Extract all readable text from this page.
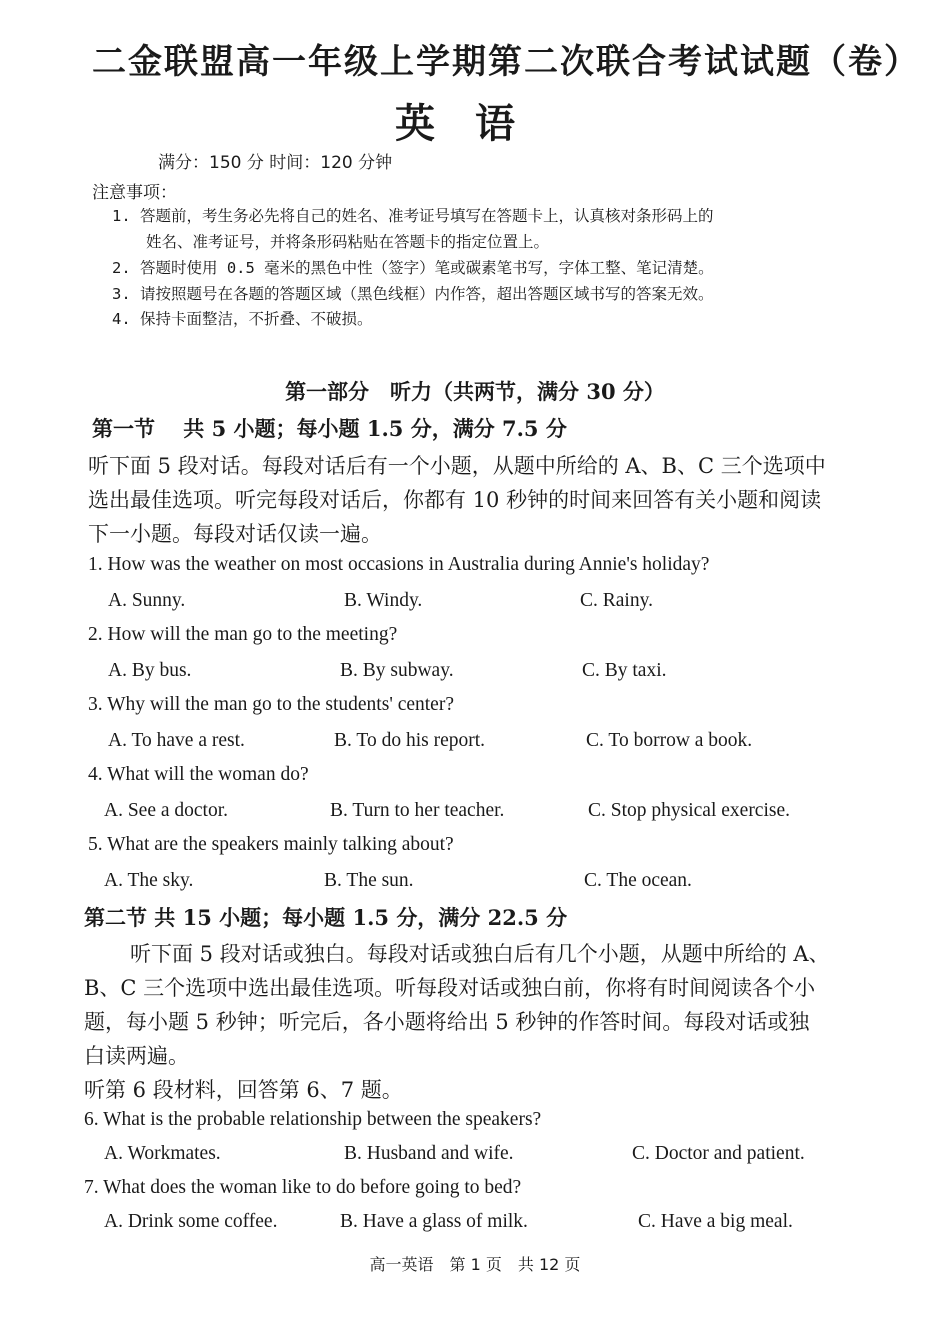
二金联盟高一年级上学期第二次联合考试试题（卷）
英语
满分：150 分 时间：120 分钟
注意事项：
1. 答题前，考生务必先将自己的姓名、准考证号填写在答题卡上，认真核对条形码上的
姓名、准考证号，并将条形码粘贴在答题卡的指定位置上。
2. 答题时使用 0.5 毫米的黑色中性（签字）笔或碳素笔书写，字体工整、笔记清楚。
3. 请按照题号在各题的答题区域（黑色线框）内作答，超出答题区域书写的答案无效。
4. 保持卡面整洁，不折叠、不破损。
第一部分　听力（共两节，满分 30 分）
第一节　 共 5 小题；每小题 1.5 分，满分 7.5 分
听下面 5 段对话。每段对话后有一个小题，从题中所给的 A、B、C 三个选项中
选出最佳选项。听完每段对话后，你都有 10 秒钟的时间来回答有关小题和阅读
下一小题。每段对话仅读一遍。
1. How was the weather on most occasions in Australia during Annie's holiday?
A. Sunny.	B. Windy.	C. Rainy.
2. How will the man go to the meeting?
A. By bus.	B. By subway.	C. By taxi.
3. Why will the man go to the students' center?
A. To have a rest.	B. To do his report.	C. To borrow a book.
4. What will the woman do?
A. See a doctor.	B. Turn to her teacher.	C. Stop physical exercise.
5. What are the speakers mainly talking about?
A. The sky.	B. The sun.	C. The ocean.
第二节 共 15 小题；每小题 1.5 分，满分 22.5 分
听下面 5 段对话或独白。每段对话或独白后有几个小题，从题中所给的 A、
B、C 三个选项中选出最佳选项。听每段对话或独白前，你将有时间阅读各个小
题，每小题 5 秒钟；听完后，各小题将给出 5 秒钟的作答时间。每段对话或独
白读两遍。
听第 6 段材料，回答第 6、7 题。
6. What is the probable relationship between the speakers?
A. Workmates.	B. Husband and wife.	C. Doctor and patient.
7. What does the woman like to do before going to bed?
A. Drink some coffee.	B. Have a glass of milk.	C. Have a big meal.
高一英语　第 1 页　共 12 页
